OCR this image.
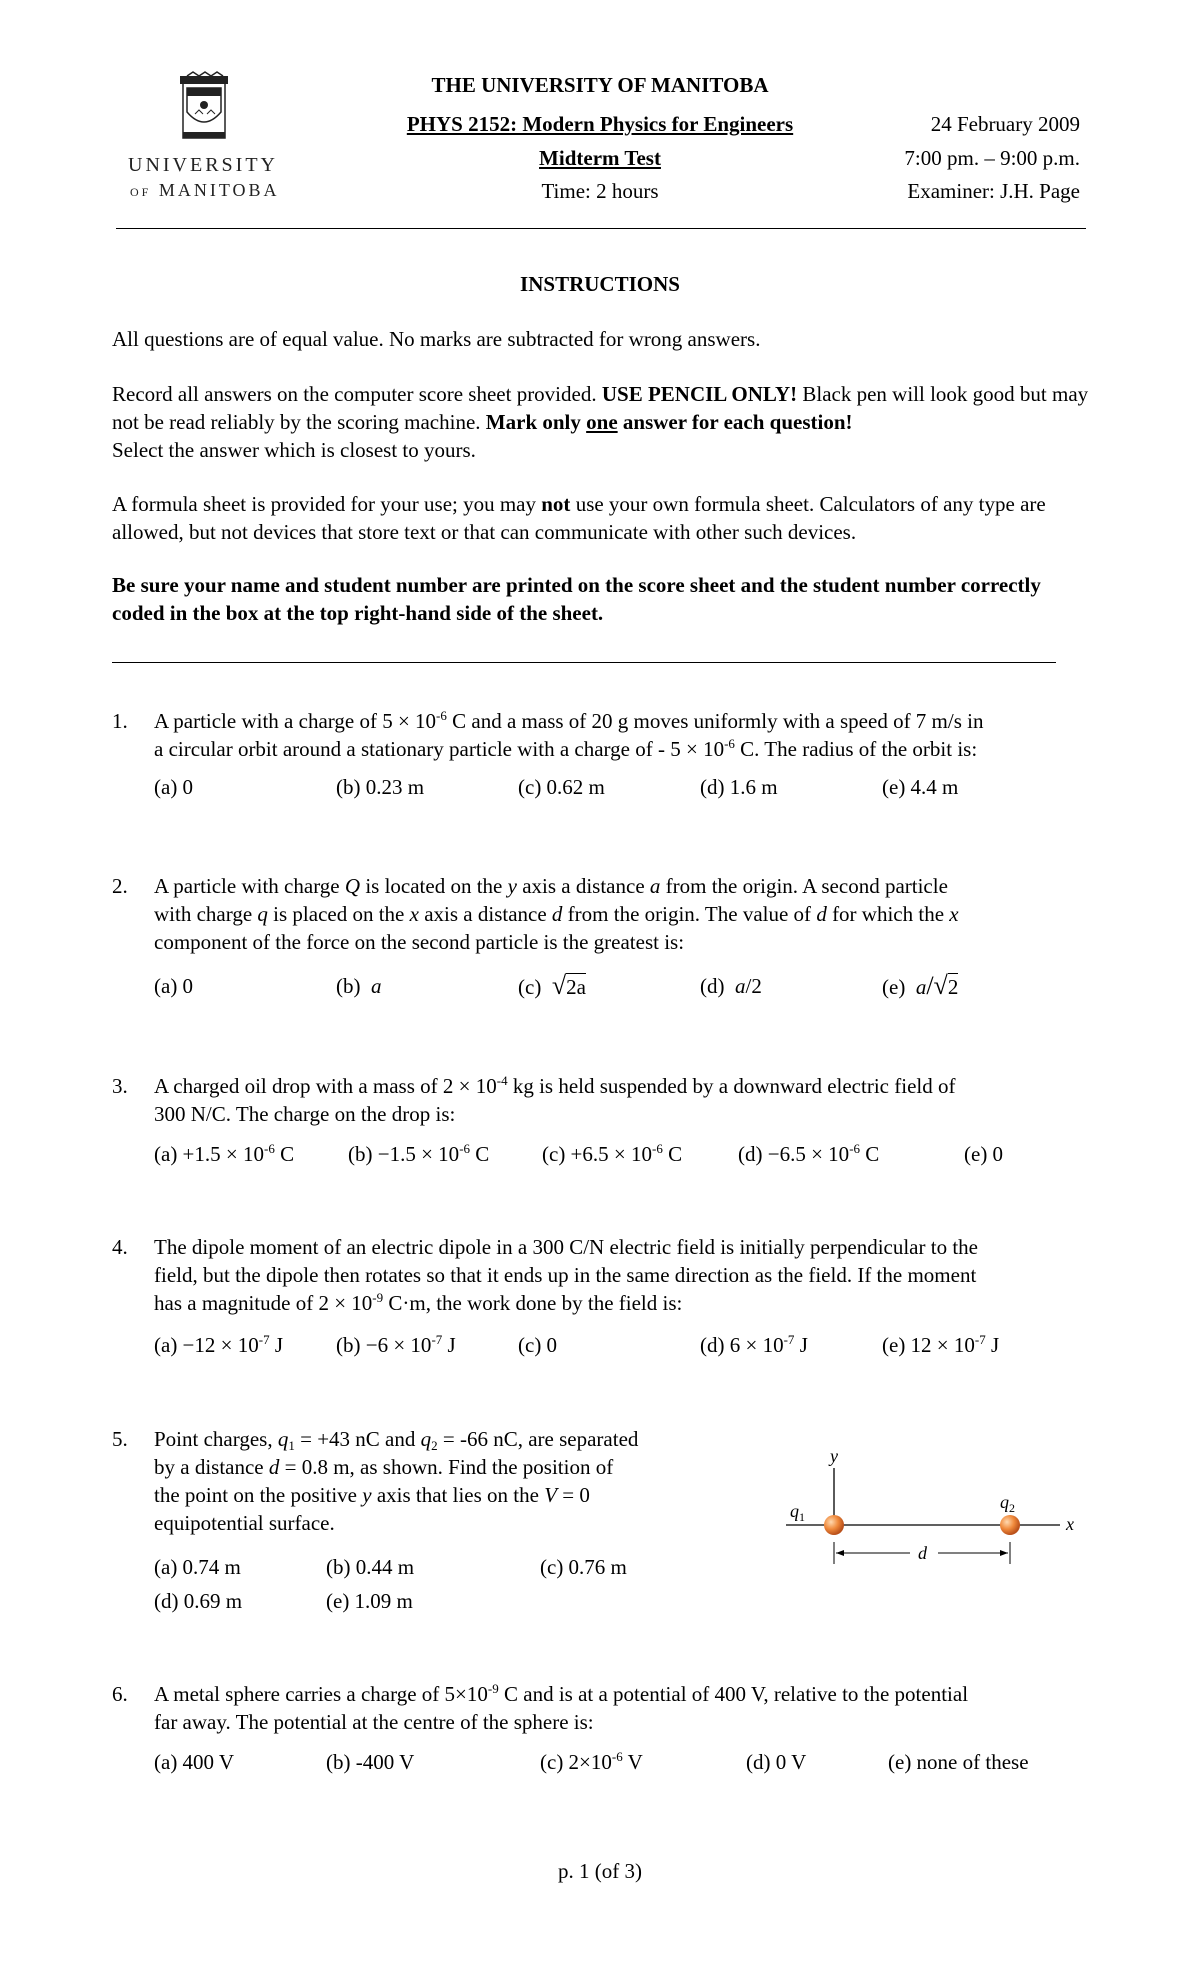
UNIVERSITY
OF MANITOBA
THE UNIVERSITY OF MANITOBA
PHYS 2152: Modern Physics for Engineers
Midterm Test
Time: 2 hours
24 February 2009
7:00 pm. – 9:00 p.m.
Examiner: J.H. Page
INSTRUCTIONS
All questions are of equal value. No marks are subtracted for wrong answers.
Record all answers on the computer score sheet provided. USE PENCIL ONLY! Black pen will look good but may not be read reliably by the scoring machine. Mark only one answer for each question!
Select the answer which is closest to yours.
A formula sheet is provided for your use; you may not use your own formula sheet. Calculators of any type are allowed, but not devices that store text or that can communicate with other such devices.
Be sure your name and student number are printed on the score sheet and the student number correctly coded in the box at the top right-hand side of the sheet.
1. A particle with a charge of $5 \times 10^{-6}$ C and a mass of 20 g moves uniformly with a speed of 7 m/s in
a circular orbit around a stationary particle with a charge of - $5 \times 10^{-6}$ C. The radius of the orbit is:
(a) 0	(b) 0.23 m	(c) 0.62 m	(d) 1.6 m	(e) 4.4 m
2. A particle with charge Q is located on the y axis a distance a from the origin. A second particle
with charge q is placed on the x axis a distance d from the origin. The value of d for which the x
component of the force on the second particle is the greatest is:
(a) 0	(b) a	(c) √2a	(d) a/2	(e) a/√2
3. A charged oil drop with a mass of $2 \times 10^{-4}$ kg is held suspended by a downward electric field of
300 N/C. The charge on the drop is:
$(a) +1.5 \times 10^{-6}$ C	$(b) -1.5 \times 10^{-6}$ C	$(c) +6.5 \times 10^{-6}$ C	$(d) -6.5 \times 10^{-6}$ C	(e) 0
4. The dipole moment of an electric dipole in a 300 C/N electric field is initially perpendicular to the
field, but the dipole then rotates so that it ends up in the same direction as the field. If the moment
has a magnitude of $2 \times 10^{-9}$ C·m, the work done by the field is:
$(a) -12 \times 10^{-7}$ J	$(b) -6 \times 10^{-7}$ J	(c) 0	(d) $6 \times 10^{-7}$ J	(e) $12 \times 10^{-7}$ J
5. Point charges, $q_1 = +43$ nC and $q_2 = -66$ nC, are separated
by a distance d = 0.8 m, as shown. Find the position of
the point on the positive y axis that lies on the V = 0
equipotential surface.
(a) 0.74 m	(b) 0.44 m	(c) 0.76 m
(d) 0.69 m	(e) 1.09 m
y
x
$q_1$
$q_2$
d
6. A metal sphere carries a charge of $5\times 10^{-9}$ C and is at a potential of 400 V, relative to the potential
far away. The potential at the centre of the sphere is:
(a) 400 V	(b) -400 V	(c) $2\times 10^{-6}$ V	(d) 0 V	(e) none of these
p. 1 (of 3)
